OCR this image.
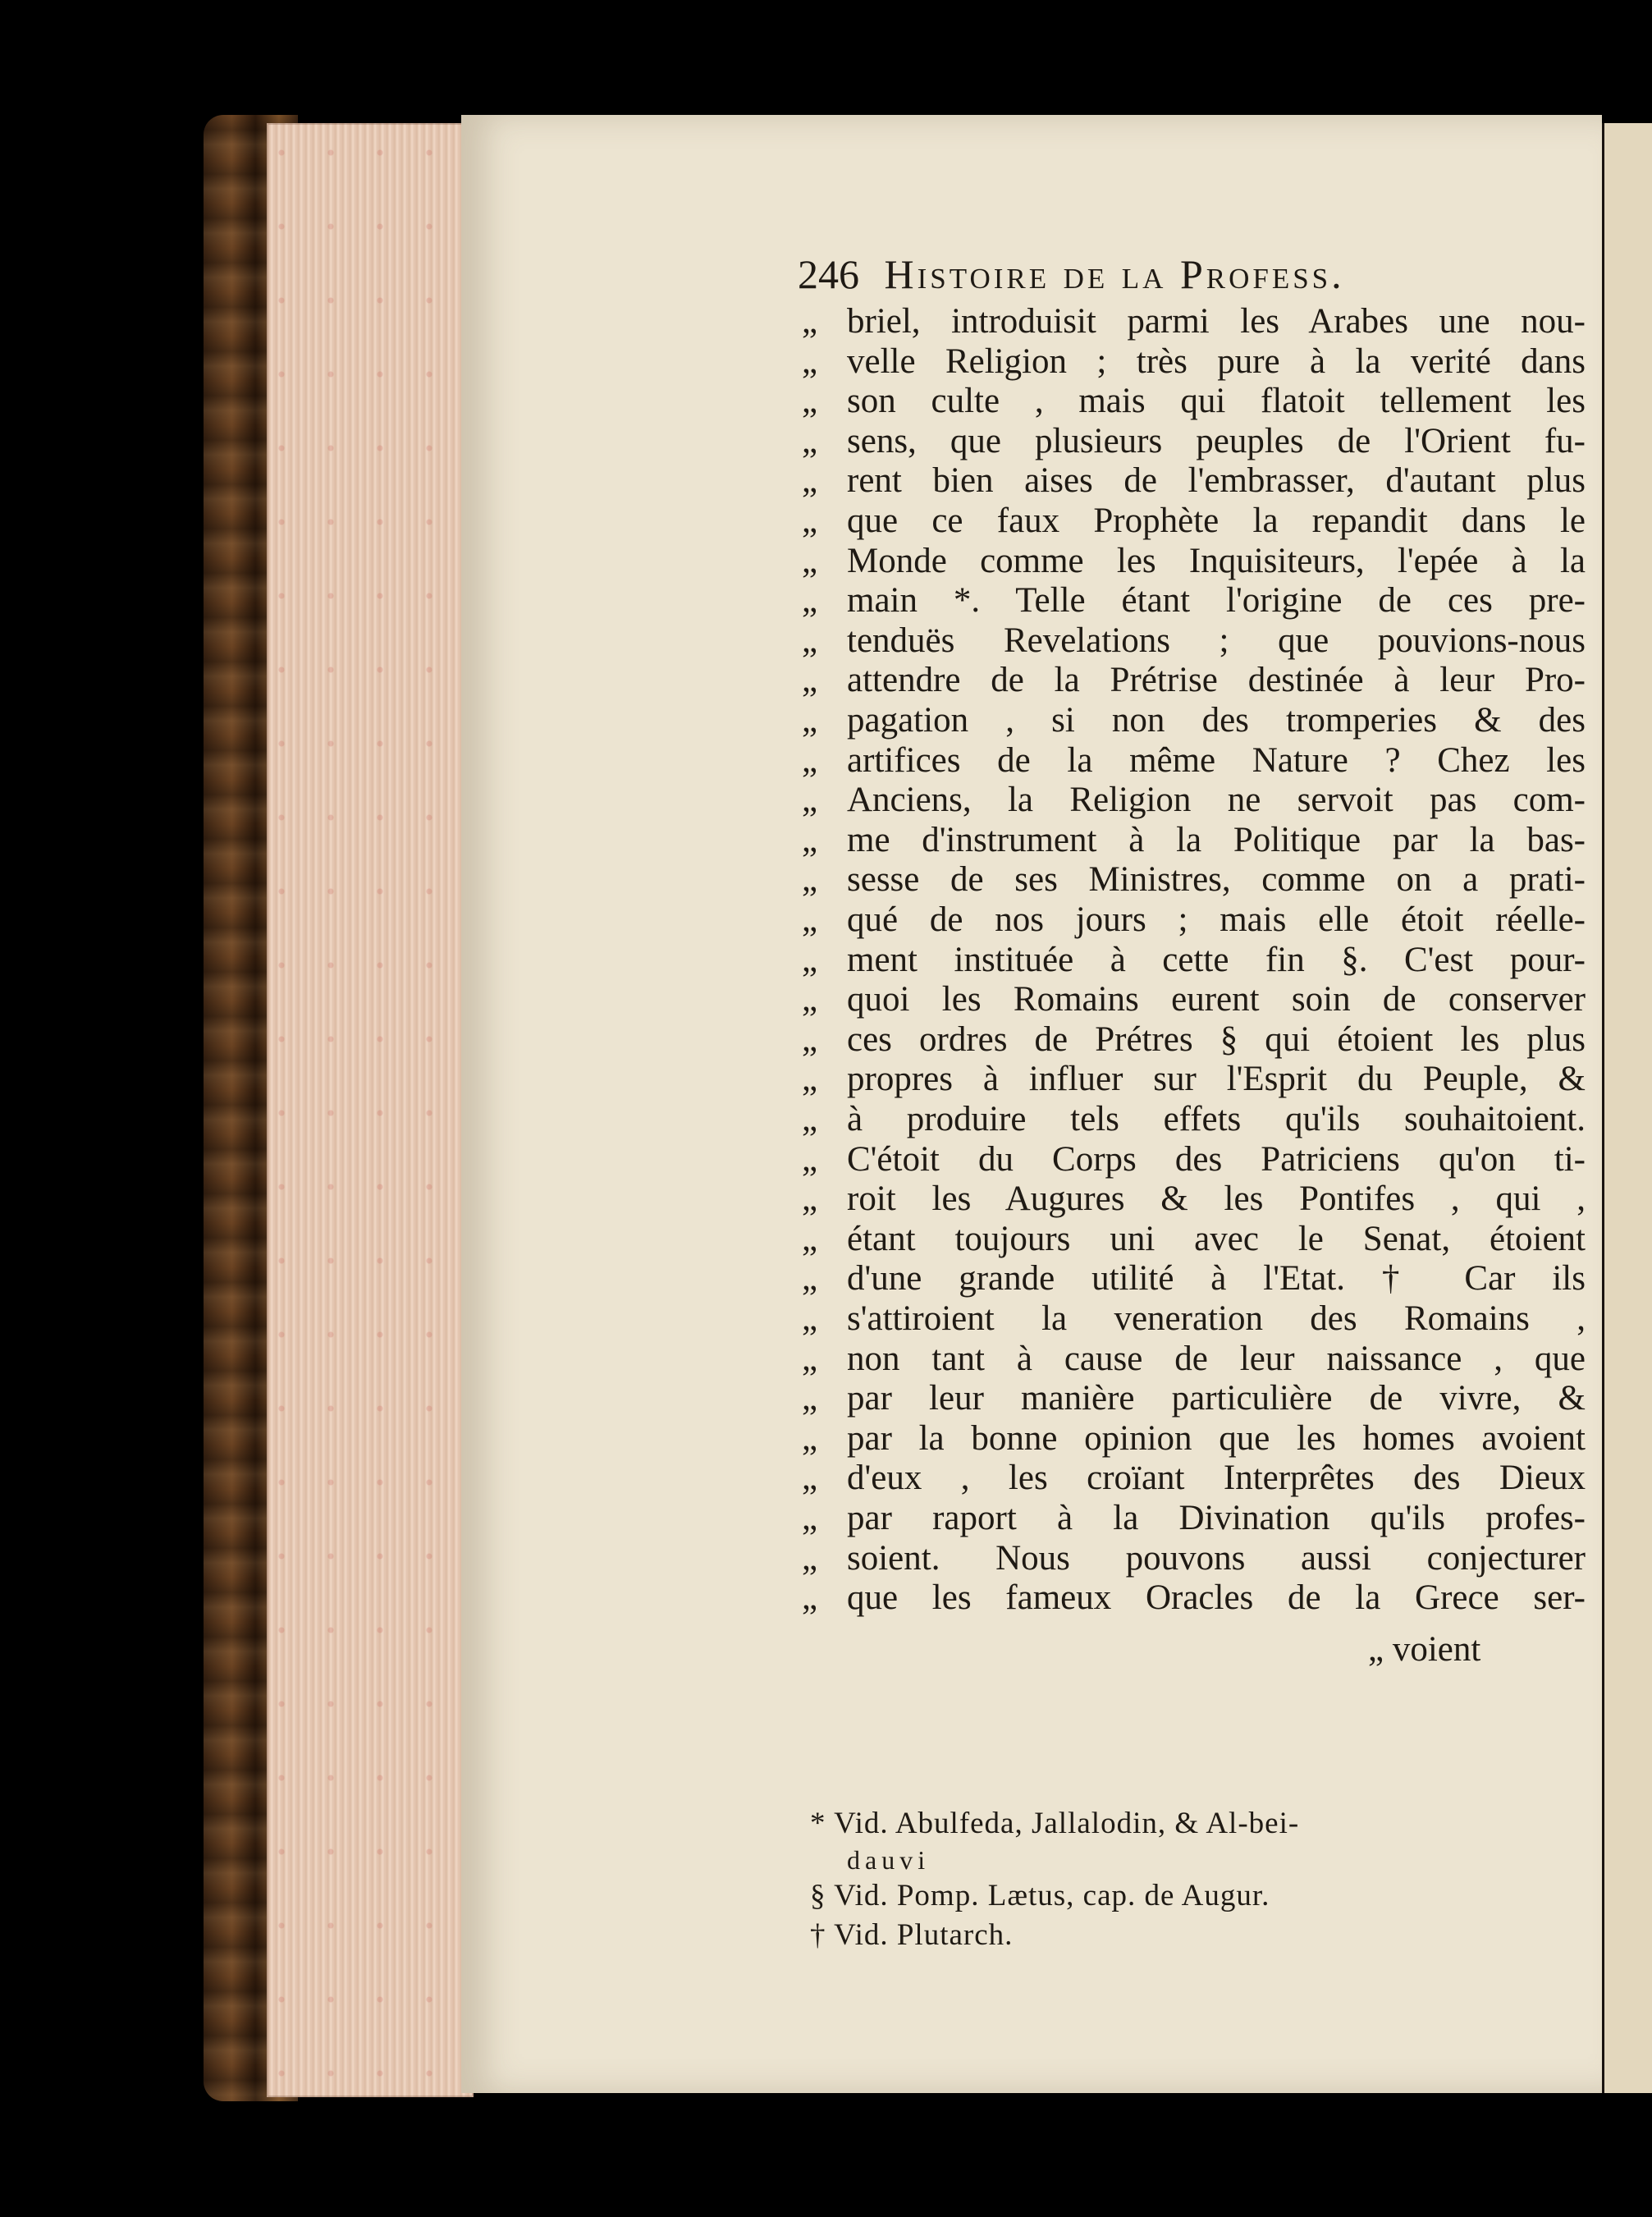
246 Histoire de la Profess.
„ briel, introduisit parmi les Arabes une nou-
„ velle Religion ; très pure à la verité dans
„ son culte , mais qui flatoit tellement les
„ sens, que plusieurs peuples de l'Orient fu-
„ rent bien aises de l'embrasser, d'autant plus
„ que ce faux Prophète la repandit dans le
„ Monde comme les Inquisiteurs, l'epée à la
„ main *. Telle étant l'origine de ces pre-
„ tenduës Revelations ; que pouvions-nous
„ attendre de la Prétrise destinée à leur Pro-
„ pagation , si non des tromperies & des
„ artifices de la même Nature ? Chez les
„ Anciens, la Religion ne servoit pas com-
„ me d'instrument à la Politique par la bas-
„ sesse de ses Ministres, comme on a prati-
„ qué de nos jours ; mais elle étoit réelle-
„ ment instituée à cette fin §. C'est pour-
„ quoi les Romains eurent soin de conserver
„ ces ordres de Prétres § qui étoient les plus
„ propres à influer sur l'Esprit du Peuple, &
„ à produire tels effets qu'ils souhaitoient.
„ C'étoit du Corps des Patriciens qu'on ti-
„ roit les Augures & les Pontifes , qui ,
„ étant toujours uni avec le Senat, étoient
„ d'une grande utilité à l'Etat. † Car ils
„ s'attiroient la veneration des Romains ,
„ non tant à cause de leur naissance , que
„ par leur manière particulière de vivre, &
„ par la bonne opinion que les homes avoient
„ d'eux , les croïant Interprêtes des Dieux
„ par raport à la Divination qu'ils profes-
„ soient. Nous pouvons aussi conjecturer
„ que les fameux Oracles de la Grece ser-
„ voient
* Vid. Abulfeda, Jallalodin, & Al-bei-
dauvi
§ Vid. Pomp. Lætus, cap. de Augur.
† Vid. Plutarch.
